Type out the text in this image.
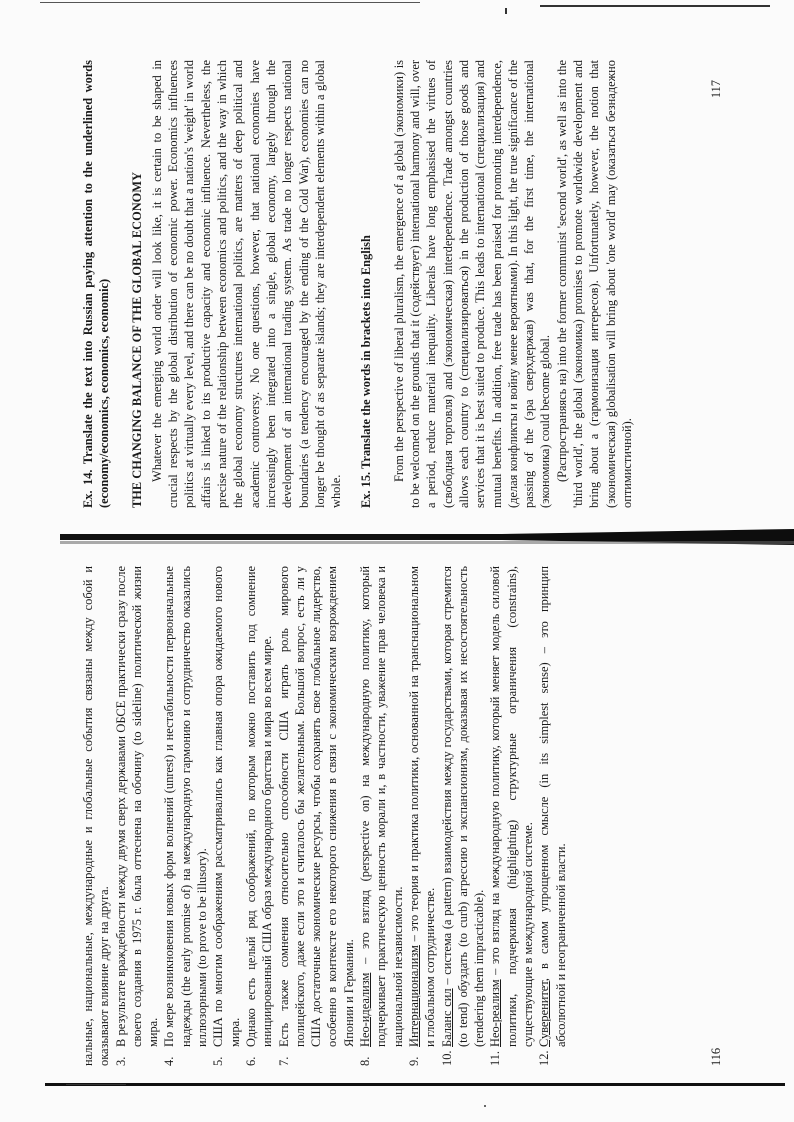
нальные, национальные, международные и глобальные события связаны между собой и оказывают влияние друг на друга. 3.
В результате враждебности между двумя сверх державами ОБСЕ практически сразу после своего создания в 1975 г. была оттеснена на обочину (to sideline) политической жизни мира.
4.
По мере возникновения новых форм волнений (unrest) и нестабильности первоначальные надежды (the early promise of) на международную гармонию и сотрудничество оказались иллюзорными (to prove to be illusory).
5.
США по многим соображениям рассматривались как главная опора ожидаемого нового мира.
6.
Однако есть целый ряд соображений, по которым можно поставить под сомнение инициированный США образ международного братства и мира во всем мире.
7.
Есть также сомнения относительно способности США играть роль мирового полицейского, даже если это и считалось бы желательным. Большой вопрос, есть ли у США достаточные экономические ресурсы, чтобы сохранять свое глобальное лидерство, особенно в контексте его некоторого снижения в связи с экономическим возрождением Японии и Германии.
8.
Нео-идеализм – это взгляд (perspective on) на международную политику, который подчеркивает практическую ценность морали и, в частности, уважение прав человека и национальной независимости.
9.
Интернационализм – это теория и практика политики, основанной на транснациональном и глобальном сотрудничестве.
10.
Баланс сил – система (a pattern) взаимодействия между государствами, которая стремится (to tend) обуздать (to curb) агрессию и экспансионизм, доказывая их несостоятельность (rendering them impracticable).
11.
Нео-реализм – это взгляд на международную политику, который меняет модель силовой политики, подчеркивая (highlighting) структурные ограничения (constrains), существующие в международной системе.
12.
Суверенитет, в самом упрощенном смысле (in its simplest sense) – это принцип абсолютной и неограниченной власти.
116

Ex. 14. Translate the text into Russian paying attention to the underlined words (economy/economics, economics, economic) THE CHANGING BALANCE OF THE GLOBAL ECONOMY Whatever the emerging world order will look like, it is certain to be shaped in crucial respects by the global distribution of economic power. Economics influences politics at virtually every level, and there can be no doubt that a nation's 'weight' in world affairs is linked to its productive capacity and economic influence. Nevertheless, the precise nature of the relationship between economics and politics, and the way in which the global economy structures international politics, are matters of deep political and academic controversy. No one questions, however, that national economies have increasingly been integrated into a single, global economy, largely through the development of an international trading system. As trade no longer respects national boundaries (a tendency encouraged by the ending of the Cold War), economies can no longer be thought of as separate islands; they are interdependent elements within a global whole. Ex. 15. Translate the words in brackets into English From the perspective of liberal pluralism, the emergence of a global (экономики) is to be welcomed on the grounds that it (содействует) international harmony and will, over a period, reduce material inequality. Liberals have long emphasised the virtues of (свободная торговля) and (экономическая) interdependence. Trade amongst countries allows each country to (специализироваться) in the production of those goods and services that it is best suited to produce. This leads to international (специализация) and mutual benefits. In addition, free trade has been praised for promoting interdependence, (делая конфликты и войну менее вероятными). In this light, the true significance of the passing of the (эра сверхдержав) was that, for the first time, the international (экономика) could become global. (Распространяясь на) into the former communist 'second world', as well as into the 'third world', the global (экономика) promises to promote worldwide development and bring about a (гармонизация интересов). Unfortunately, however, the notion that (экономическая) globalisation will bring about 'one world' may (оказаться безнадежно оптимистичной).

117
